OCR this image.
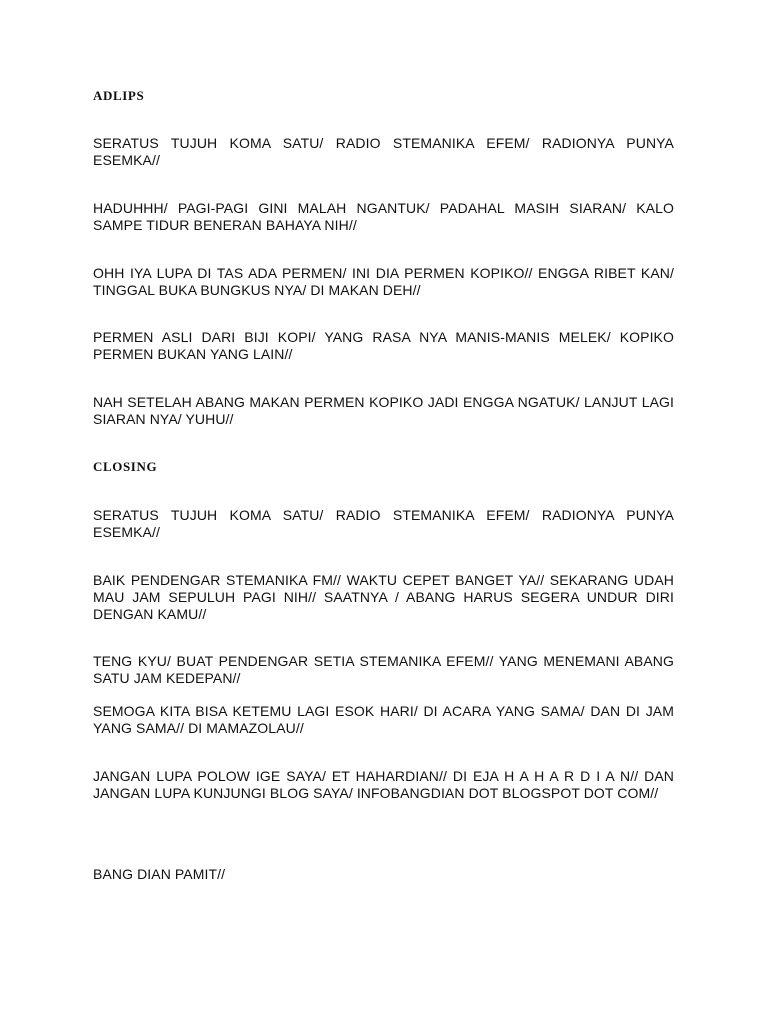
ADLIPS

SERATUS TUJUH KOMA SATU/ RADIO STEMANIKA EFEM/ RADIONYA PUNYA ESEMKA//

HADUHHH/ PAGI-PAGI GINI MALAH NGANTUK/ PADAHAL MASIH SIARAN/ KALO SAMPE TIDUR BENERAN BAHAYA NIH//

OHH IYA LUPA DI TAS ADA PERMEN/ INI DIA PERMEN KOPIKO// ENGGA RIBET KAN/ TINGGAL BUKA BUNGKUS NYA/ DI MAKAN DEH//

PERMEN ASLI DARI BIJI KOPI/ YANG RASA NYA MANIS-MANIS MELEK/ KOPIKO PERMEN BUKAN YANG LAIN//

NAH SETELAH ABANG MAKAN PERMEN KOPIKO JADI ENGGA NGATUK/ LANJUT LAGI SIARAN NYA/ YUHU//

CLOSING

SERATUS TUJUH KOMA SATU/ RADIO STEMANIKA EFEM/ RADIONYA PUNYA ESEMKA//

BAIK PENDENGAR STEMANIKA FM// WAKTU CEPET BANGET YA// SEKARANG UDAH MAU JAM SEPULUH PAGI NIH// SAATNYA / ABANG HARUS SEGERA UNDUR DIRI DENGAN KAMU//

TENG KYU/ BUAT PENDENGAR SETIA STEMANIKA EFEM// YANG MENEMANI ABANG SATU JAM KEDEPAN//

SEMOGA KITA BISA KETEMU LAGI ESOK HARI/ DI ACARA YANG SAMA/ DAN DI JAM YANG SAMA// DI MAMAZOLAU//

JANGAN LUPA POLOW IGE SAYA/ ET HAHARDIAN// DI EJA H A H A R D I A N// DAN JANGAN LUPA KUNJUNGI BLOG SAYA/ INFOBANGDIAN DOT BLOGSPOT DOT COM//

BANG DIAN PAMIT//
